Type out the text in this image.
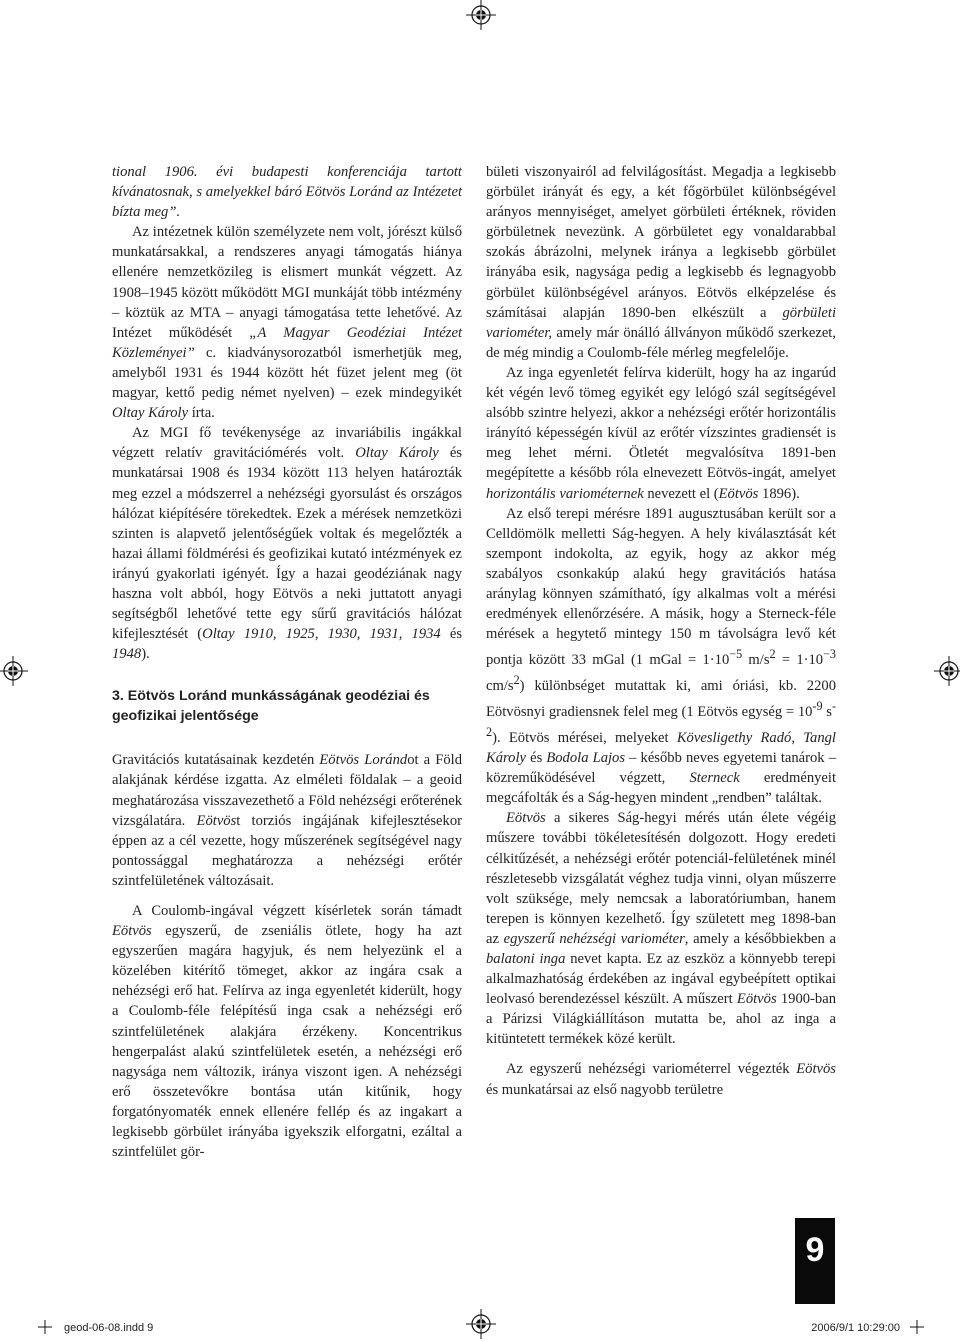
tional 1906. évi budapesti konferenciája tartott kívánatosnak, s amelyekkel báró Eötvös Loránd az Intézetet bízta meg”.

Az intézetnek külön személyzete nem volt, jórészt külső munkatársakkal, a rendszeres anyagi támogatás hiánya ellenére nemzetközileg is elismert munkát végzett. Az 1908–1945 között működött MGI munkáját több intézmény – köztük az MTA – anyagi támogatása tette lehetővé. Az Intézet működését „A Magyar Geodéziai Intézet Közleményei” c. kiadványsorozatból ismerhetjük meg, amelyből 1931 és 1944 között hét füzet jelent meg (öt magyar, kettő pedig német nyelven) – ezek mindegyikét Oltay Károly írta.

Az MGI fő tevékenysége az invariábilis ingákkal végzett relatív gravitációmérés volt. Oltay Károly és munkatársai 1908 és 1934 között 113 helyen határozták meg ezzel a módszerrel a nehézségi gyorsulást és országos hálózat kiépítésére törekedtek. Ezek a mérések nemzetközi szinten is alapvető jelentőségűek voltak és megelőzték a hazai állami földmérési és geofizikai kutató intézmények ez irányú gyakorlati igényét. Így a hazai geodéziának nagy haszna volt abból, hogy Eötvös a neki juttatott anyagi segítségből lehetővé tette egy sűrű gravitációs hálózat kifejlesztését (Oltay 1910, 1925, 1930, 1931, 1934 és 1948).

3. Eötvös Loránd munkásságának geodéziai és geofizikai jelentősége

Gravitációs kutatásainak kezdetén Eötvös Lorándot a Föld alakjának kérdése izgatta. Az elméleti földalak – a geoid meghatározása visszavezethető a Föld nehézségi erőterének vizsgálatára. Eötvöst torziós ingájának kifejlesztésekor éppen az a cél vezette, hogy műszerének segítségével nagy pontossággal meghatározza a nehézségi erőtér szintfelületének változásait.

A Coulomb-ingával végzett kísérletek során támadt Eötvös egyszerű, de zseniális ötlete, hogy ha azt egyszerűen magára hagyjuk, és nem helyezünk el a közelében kitérítő tömeget, akkor az ingára csak a nehézségi erő hat. Felírva az inga egyenletét kiderült, hogy a Coulomb-féle felépítésű inga csak a nehézségi erő szintfelületének alakjára érzékeny. Koncentrikus hengerpalást alakú szintfelületek esetén, a nehézségi erő nagysága nem változik, iránya viszont igen. A nehézségi erő összetevőkre bontása után kitűnik, hogy forgatónyomaték ennek ellenére fellép és az ingakart a legkisebb görbület irányába igyekszik elforgatni, ezáltal a szintfelület gör-

bületi viszonyairól ad felvilágosítást. Megadja a legkisebb görbület irányát és egy, a két főgörbület különbségével arányos mennyiséget, amelyet görbületi értéknek, röviden görbületnek nevezünk. A görbületet egy vonaldarabbal szokás ábrázolni, melynek iránya a legkisebb görbület irányába esik, nagysága pedig a legkisebb és legnagyobb görbület különbségével arányos. Eötvös elképzelése és számításai alapján 1890-ben elkészült a görbületi variométer, amely már önálló állványon működő szerkezet, de még mindig a Coulomb-féle mérleg megfelelője.

Az inga egyenletét felírva kiderült, hogy ha az ingarúd két végén levő tömeg egyikét egy lelógó szál segítségével alsóbb szintre helyezi, akkor a nehézségi erőtér horizontális irányító képességén kívül az erőtér vízszintes gradiensét is meg lehet mérni. Ötletét megvalósítva 1891-ben megépítette a később róla elnevezett Eötvös-ingát, amelyet horizontális variométernek nevezett el (Eötvös 1896).

Az első terepi mérésre 1891 augusztusában került sor a Celldömölk melletti Ság-hegyen. A hely kiválasztását két szempont indokolta, az egyik, hogy az akkor még szabályos csonkakúp alakú hegy gravitációs hatása aránylag könnyen számítható, így alkalmas volt a mérési eredmények ellenőrzésére. A másik, hogy a Sterneck-féle mérések a hegytető mintegy 150 m távolságra levő két pontja között 33 mGal (1 mGal = $1\cdot 10^{-5}$ $m/s^2 = 1\cdot 10^{-3}$ $cm/s^2$) különbséget mutattak ki, ami óriási, kb. 2200 Eötvösnyi gradiensnek felel meg (1 Eötvös egység = $10^{-9}$ $s^{-2}$). Eötvös mérései, melyeket Kövesligethy Radó, Tangl Károly és Bodola Lajos – később neves egyetemi tanárok – közreműködésével végzett, Sterneck eredményeit megcáfolták és a Ság-hegyen mindent „rendben” találtak.

Eötvös a sikeres Ság-hegyi mérés után élete végéig műszere további tökéletesítésén dolgozott. Hogy eredeti célkitűzését, a nehézségi erőtér potenciál-felületének minél részletesebb vizsgálatát véghez tudja vinni, olyan műszerre volt szüksége, mely nemcsak a laboratóriumban, hanem terepen is könnyen kezelhető. Így született meg 1898-ban az egyszerű nehézségi variométer, amely a későbbiekben a balatoni inga nevet kapta. Ez az eszköz a könnyebb terepi alkalmazhatóság érdekében az ingával egybeépített optikai leolvasó berendezéssel készült. A műszert Eötvös 1900-ban a Párizsi Világkiállításon mutatta be, ahol az inga a kitüntetett termékek közé került.

Az egyszerű nehézségi variométerrel végezték Eötvös és munkatársai az első nagyobb területre

9
geod-06-08.indd 9	2006/9/1 10:29:00
